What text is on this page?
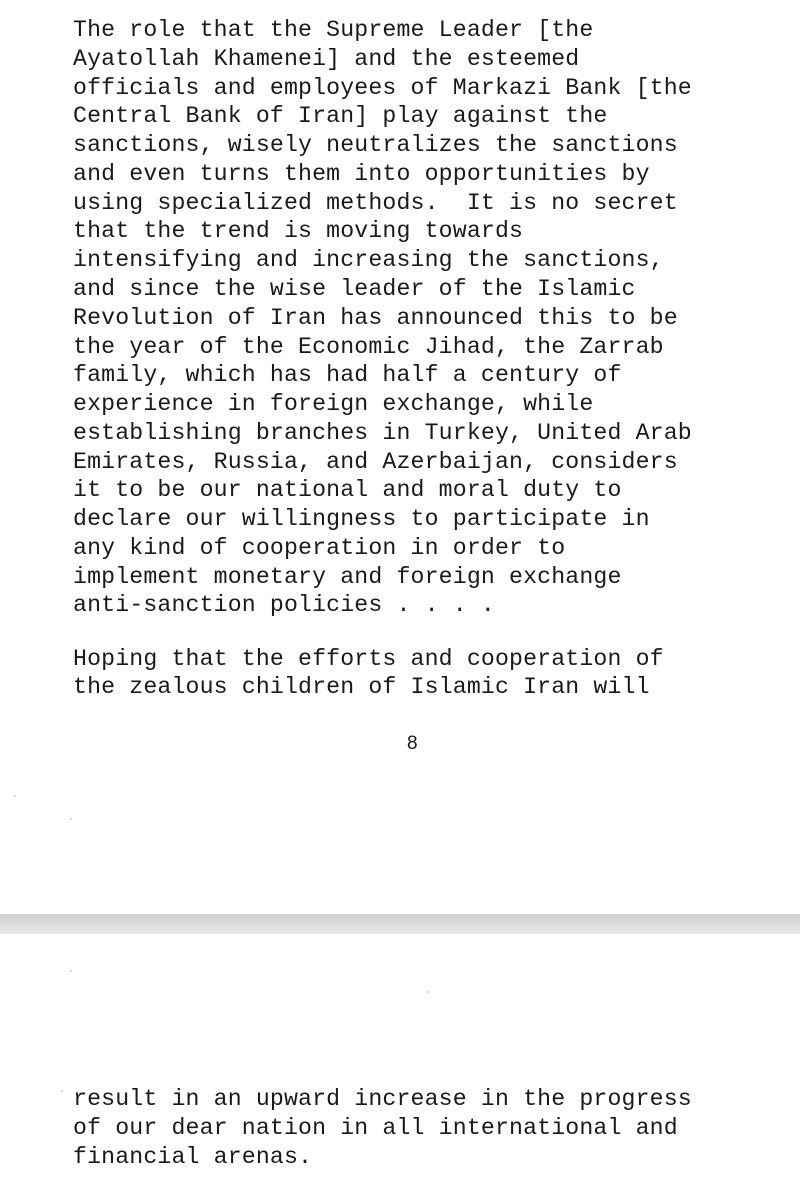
The role that the Supreme Leader [the
Ayatollah Khamenei] and the esteemed
officials and employees of Markazi Bank [the
Central Bank of Iran] play against the
sanctions, wisely neutralizes the sanctions
and even turns them into opportunities by
using specialized methods.  It is no secret
that the trend is moving towards
intensifying and increasing the sanctions,
and since the wise leader of the Islamic
Revolution of Iran has announced this to be
the year of the Economic Jihad, the Zarrab
family, which has had half a century of
experience in foreign exchange, while
establishing branches in Turkey, United Arab
Emirates, Russia, and Azerbaijan, considers
it to be our national and moral duty to
declare our willingness to participate in
any kind of cooperation in order to
implement monetary and foreign exchange
anti-sanction policies . . . .
Hoping that the efforts and cooperation of
the zealous children of Islamic Iran will
8
result in an upward increase in the progress
of our dear nation in all international and
financial arenas.
